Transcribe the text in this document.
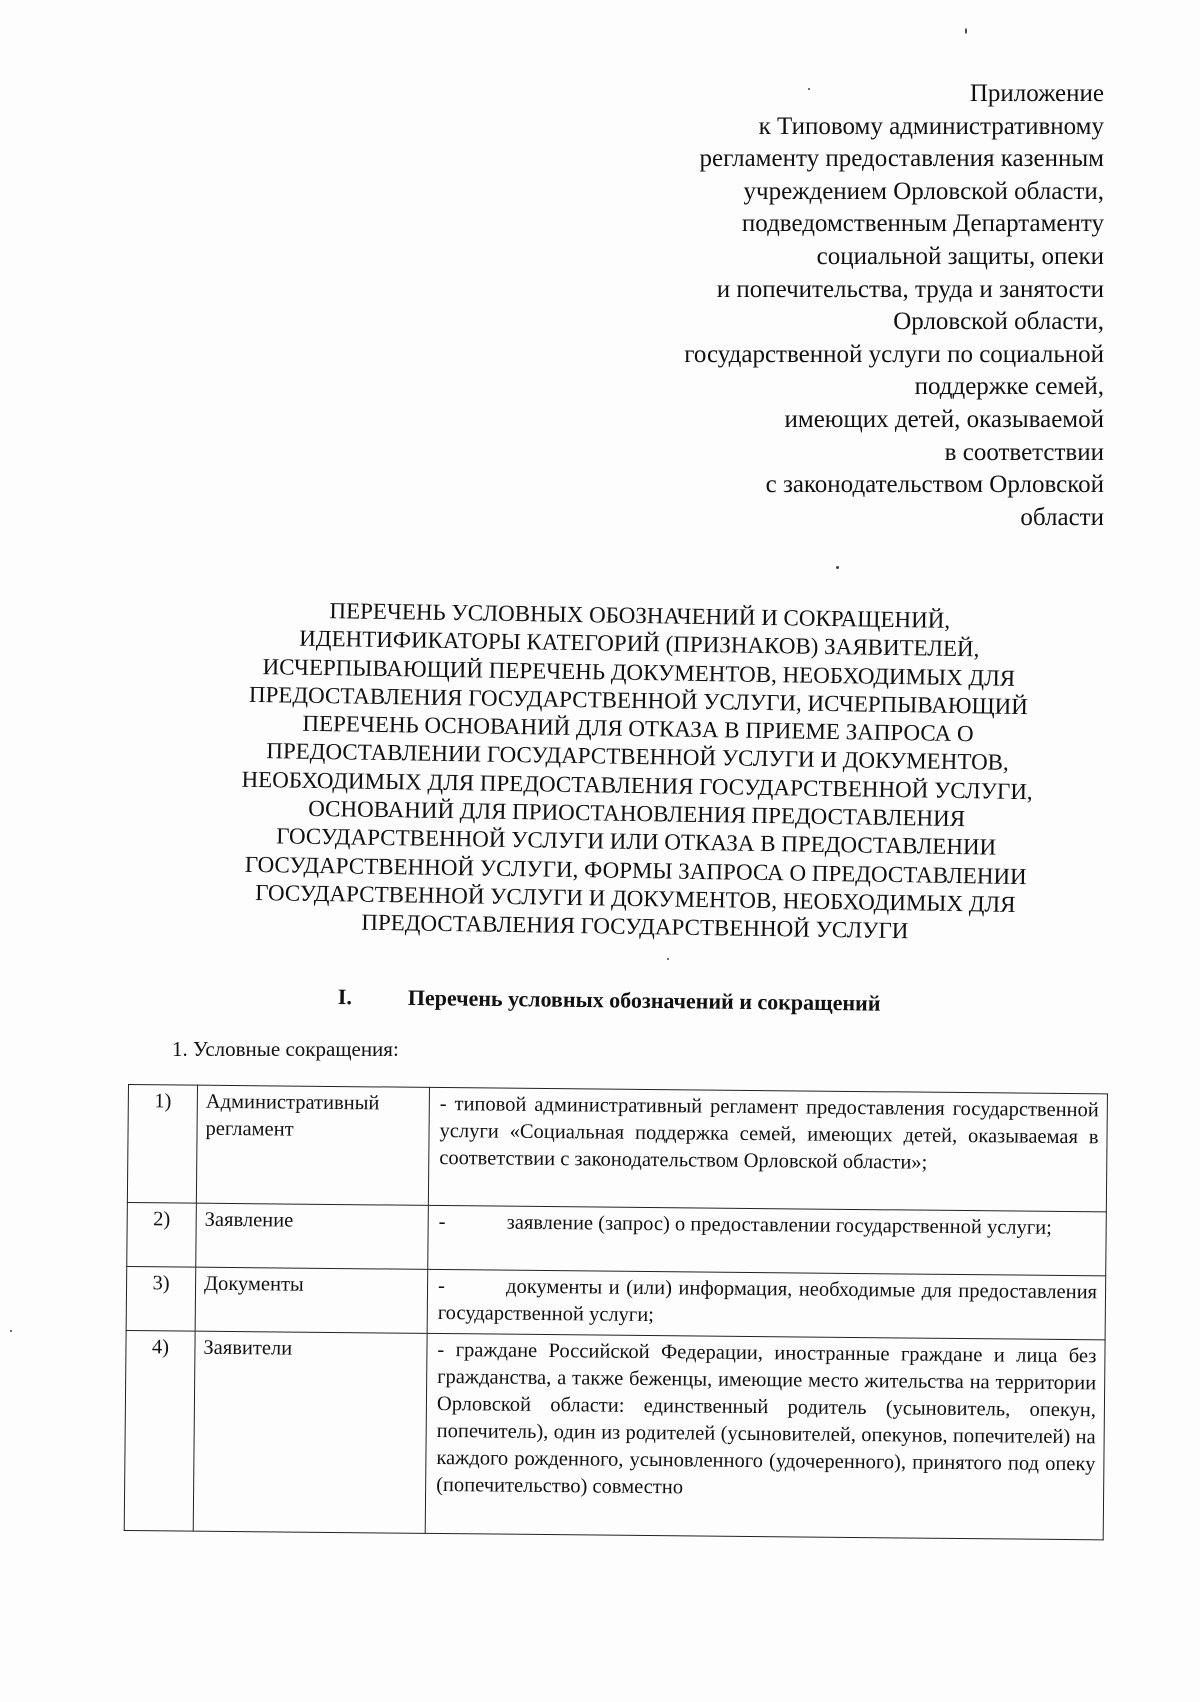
Приложение
к Типовому административному
регламенту предоставления казенным
учреждением Орловской области,
подведомственным Департаменту
социальной защиты, опеки
и попечительства, труда и занятости
Орловской области,
государственной услуги по социальной
поддержке семей,
имеющих детей, оказываемой
в соответствии
с законодательством Орловской
области
ПЕРЕЧЕНЬ УСЛОВНЫХ ОБОЗНАЧЕНИЙ И СОКРАЩЕНИЙ,
ИДЕНТИФИКАТОРЫ КАТЕГОРИЙ (ПРИЗНАКОВ) ЗАЯВИТЕЛЕЙ,
ИСЧЕРПЫВАЮЩИЙ ПЕРЕЧЕНЬ ДОКУМЕНТОВ, НЕОБХОДИМЫХ ДЛЯ
ПРЕДОСТАВЛЕНИЯ ГОСУДАРСТВЕННОЙ УСЛУГИ, ИСЧЕРПЫВАЮЩИЙ
ПЕРЕЧЕНЬ ОСНОВАНИЙ ДЛЯ ОТКАЗА В ПРИЕМЕ ЗАПРОСА О
ПРЕДОСТАВЛЕНИИ ГОСУДАРСТВЕННОЙ УСЛУГИ И ДОКУМЕНТОВ,
НЕОБХОДИМЫХ ДЛЯ ПРЕДОСТАВЛЕНИЯ ГОСУДАРСТВЕННОЙ УСЛУГИ,
ОСНОВАНИЙ ДЛЯ ПРИОСТАНОВЛЕНИЯ ПРЕДОСТАВЛЕНИЯ
ГОСУДАРСТВЕННОЙ УСЛУГИ ИЛИ ОТКАЗА В ПРЕДОСТАВЛЕНИИ
ГОСУДАРСТВЕННОЙ УСЛУГИ, ФОРМЫ ЗАПРОСА О ПРЕДОСТАВЛЕНИИ
ГОСУДАРСТВЕННОЙ УСЛУГИ И ДОКУМЕНТОВ, НЕОБХОДИМЫХ ДЛЯ
ПРЕДОСТАВЛЕНИЯ ГОСУДАРСТВЕННОЙ УСЛУГИ
I.	Перечень условных обозначений и сокращений
1. Условные сокращения:
1)	Административный регламент	- типовой административный регламент предоставления государственной услуги «Социальная поддержка семей, имеющих детей, оказываемая в соответствии с законодательством Орловской области»;
2)	Заявление	- заявление (запрос) о предоставлении государственной услуги;
3)	Документы	- документы и (или) информация, необходимые для предоставления государственной услуги;
4)	Заявители	- граждане Российской Федерации, иностранные граждане и лица без гражданства, а также беженцы, имеющие место жительства на территории Орловской области: единственный родитель (усыновитель, опекун, попечитель), один из родителей (усыновителей, опекунов, попечителей) на каждого рожденного, усыновленного (удочеренного), принятого под опеку (попечительство) совместно
